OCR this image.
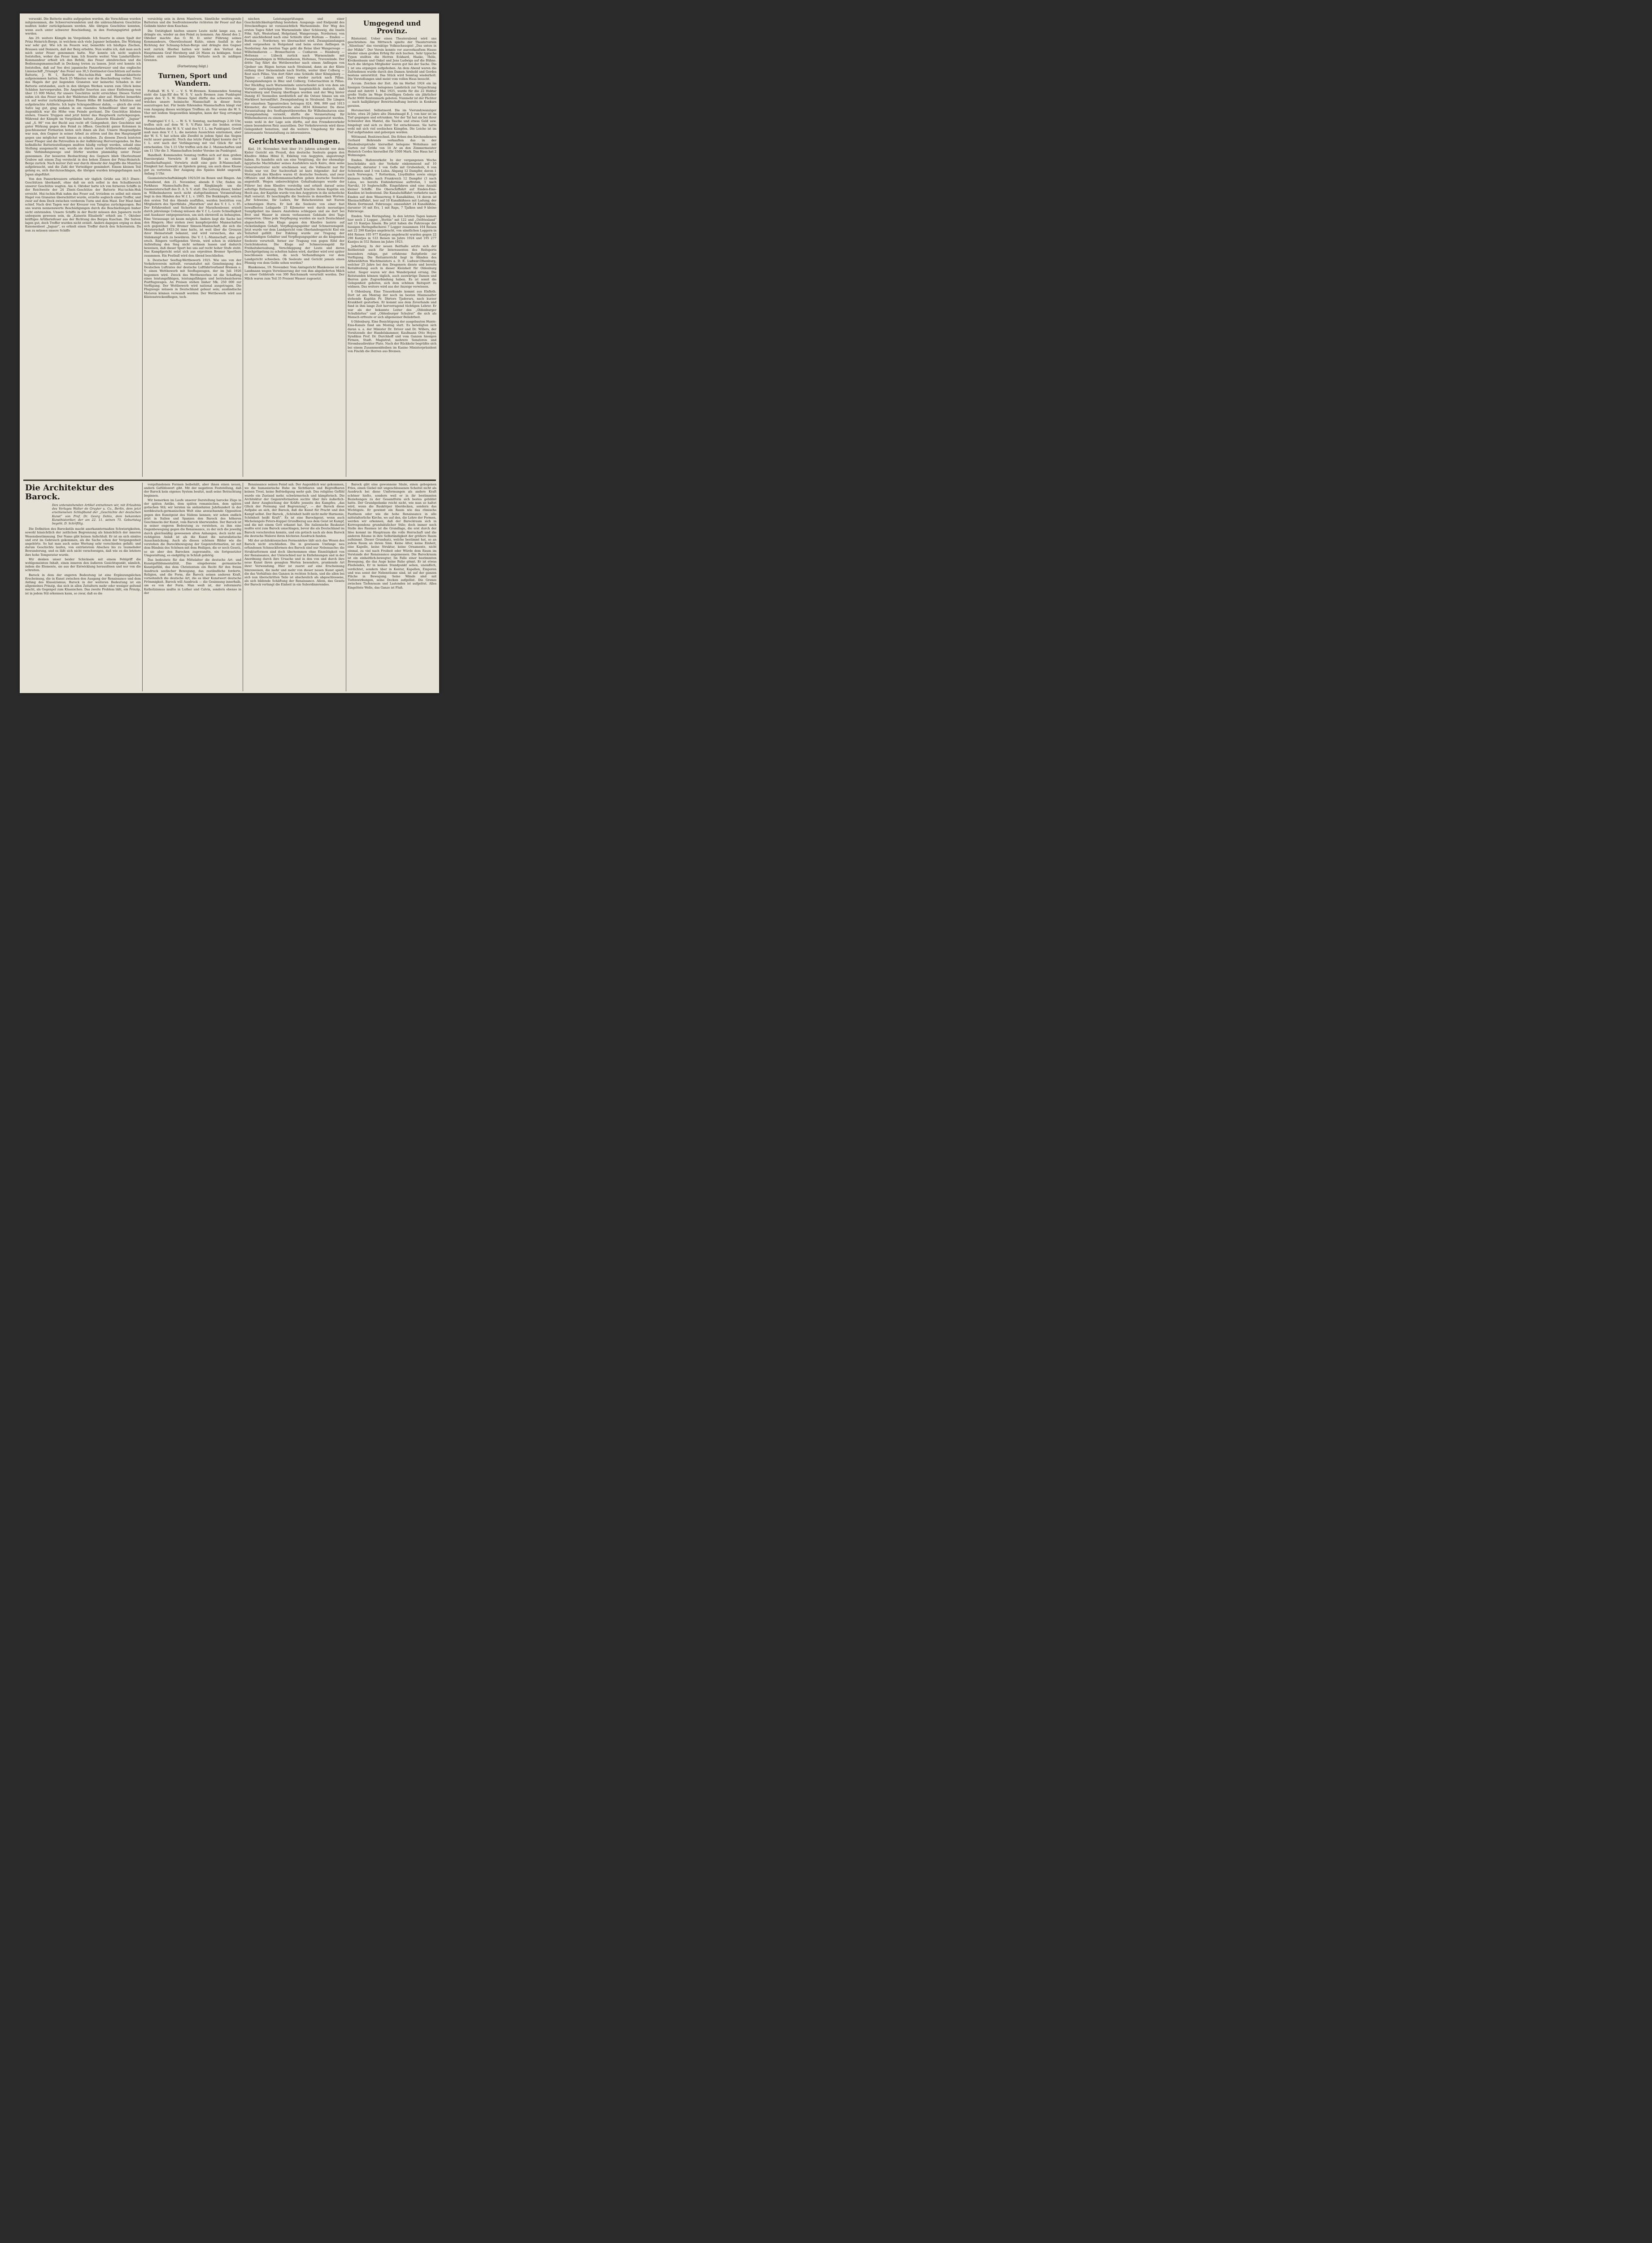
versenkt. Die Batterie mußte aufgegeben werden, die Verschlüsse wurden mitgenommen, die Schwerverwundeten und die unbrauchbaren Geschütze mußten leider zurückgelassen werden. Alle übrigen Geschütze konnten, wenn auch unter schwerer Beschießung, in den Festungsgürtel geholt werden.

Am 29. weitere Kämpfe im Vorgelände. Ich feuerte in einen Spalt der Prinz Heinrich-Berge, in welchem sich viele Japaner befanden. Die Wirkung war sehr gut. Wie ich im Feuern war, bemerkte ich häufiges Zischen, Brausen und Donnern, daß der Berg erbebte. Nun wußte ich, daß man auch mich unter Feuer genommen hatte. Nur konnte ich nicht sogleich feststellen, woher das Feuer kam. Ich feuerte weiter. Vom Landartillerie-Kommandeur erhielt ich den Befehl, das Feuer abzubrechen und die Bedienungsmannschaft in Deckung treten zu lassen. Jetzt erst konnte ich feststellen, daß auf See drei japanische Panzerkreuzer und das englische Linienschiff „Triumph“ das Feuer aus 30,5 Zentimeter-Geschützen auf meine Batterie, J. W. 1, Batterie Hui-tschin-Huk und Bismarckbatterie aufgenommen hatten. Nach 25 Minuten war die Beschießung vorbei. Trotz des Hagels der gut liegenden Granaten war keinerlei Schaden in der Batterie entstanden, auch in den übrigen Werken waren zum Glück keine Schäden hervorgerufen. Die Angreifer feuerten aus einer Entfernung von über 15 000 Meter, für unsere Geschütze nicht erreichbar. Diesen Vorteil nahm ich das Feuer nach der Waldersee-Höhe aber auf. Hierbei bemerkte ich auf weiter zurückliegenden Pässen Höhe 88 feindliche Schützen und aufgebrachte Artillerie. Ich legte Schrapnellfeuer dahin, — gleich die erste Salve lag gut, ging sodann in ein rasendes Schnellfeuer über und im Augenblick war die Höhe vom Feinde geräumt. Die Geschütze blieben stehen. Unsere Truppen sind jetzt hinter das Hauptwerk zurückgezogen. Während der Kämpfe im Vorgelände hatten „Kaiserin Elisabeth“, „Jaguar“ und „S. 90“ von der Bucht aus recht oft Gelegenheit, ihre Geschütze mit guter Wirkung gegen den Feind zu öffnen. Geschickt ganze Kolonnen in geschlossener Formation boten sich ihnen als Ziel. Unsere Hauptaufgabe war nun, den Gegner in seiner Arbeit zu stören und ihn den Hauptangriff gegen uns möglichst weit hinaus zu schieben. Zu diesem Zweck leisteten unser Flieger und die Patrouillen in der Aufklärung Hervorragendes. Im Bau befindliche Batteriestellungen mußten häufig verlegt werden, sobald eine Stellung ausgemacht war, wurde sie durch unser Artilleriefeuer erledigt. Alle Verbindungswege und Dörfer wurden planmäßig unter Feuer genommen. Zur besseren Beobachtung des Gegners blieb Oberleutnant Grabow mit einem Zug versteckt in den hohen Zinnen der Prinz-Heinrich-Berge zurück. Nach kurzer Zeit war durch Abwehr der Angriffe die Munition aufgebraucht, und die Zahl der Verteidiger gemindert. Einem kleinen Teil gelang es, sich durchzuschlagen, die übrigen wurden kriegsgefangen nach Japan abgeführt.

Von den Panzerkreuzern erhielten wir täglich Grüße aus 30,5 Ztmtr.-Geschützen überkandt, ohne daß sie sich selbst in den Schußbereich unserer Geschütze wagten. Am 4. Oktober hatte ich von ferneren Schiffe in der Reichweite der 24 Ztmtr.-Geschütze der Batterie Hui-tschin-Huk erreicht. Hui-tschin-Huk nahm das Feuer auf, trotzdem es selbst mit einem Hagel von Granaten überschüttet wurde, erzielte sogleich einen Treffer, und zwar auf dem Deck zwischen vorderem Turm und dem Mast. Der Mast fand schief. Nach drei Tagen war der Kreuzer von Tsingtau zurückgezogen. Bei uns waren nennenswerte Beschädigungen durch die Beschießungen bisher nicht entstanden. Unsere Schiffe in der Bucht müssen den Japanern recht unbequem gewesen sein, da „Kaiserin Elisabeth“ erhielt am 7. Oktober kräftiges Artilleriefeuer aus der Richtung des Berges Kuschan. Die Salven lagen gut, doch Treffer wurden nicht erzielt. Anders dagegen erging es dem Kanonenboot „Jaguar“, es erhielt einen Treffer durch den Schornstein. Da nun zu müssen unsere Schiffe

vorsichtig sein in ihren Manövern. Sämtliche weittragende Batterien und die Seefrontenwerke richteten ihr Feuer auf das Gelände hinter dem Kuschan.

Die Untätigkeit hielten unsere Leute nicht lange aus, es drängte sie, wieder an den Feind zu kommen. Am Abend des 2. Oktober machte das O. M. D. unter Führung seines Kommandeurs, Oberstleutnant Kuhlo, einen Ausfall in der Richtung der Schuang-Schan-Berge und drängte den Gegner weit zurück. Hierbei hatten wir leider den Verlust des Hauptmanns Graf Herzberg und 24 Mann zu beklagen. Sonst hielten sich unsere bisherigen Verluste noch in mäßigen Grenzen.

(Fortsetzung folgt.)
Turnen, Sport und Wandern.

Fußball. W. S. V. — V. S. W.-Bremen. Kommenden Sonntag steht die Liga-Elf des W. S. V. nach Bremen zum Punktspiel gegen den V. S. W. Dieses Spiel dürfte das schwerste sein, welches unsere heimische Mannschaft in dieser Serie auszutragen hat. Für beide führenden Mannschaften hängt viel vom Ausgang dieses wichtigen Treffens ab. Nur wenn die W. S. Vler mit leidem Siegeswillen kämpfen, kann der Sieg errungen werden.

Punktspiel V. f. L. — W. S. V. Sonntag, nachmittags 2.30 Uhr, treffen sich auf dem W. S. V.-Platz hier die beiden ersten Mannschaften des W. S. V. und des V. f. L. im Punktspiel. Gewiß muß man dem V. f. L. die meisten Aussichten einräumen, aber der W. S. V. hat schon alle Zweifel in jedem Spiel das Siegen recht sauer gemacht. Noch das letzte Pokal-Spiel konnte der V. f. L. erst nach der Verlängerung mit viel Glück für sich entscheiden. Um 1.15 Uhr treffen sich die 2. Mannschaften und um 11 Uhr die 3. Mannschaften beider Vereine im Punktspiel.

Handball. Kommenden Sonntag treffen sich auf dem großen Exerzierplatz Vorwärts B und Einigkeit B zu einem Gesellschaftsspiel. Vorwärts stellt eine gute B-Mannschaft. Einigkeit hat Auswahl an Spielern genug, um auch diese Klasse gut zu vertreten. Der Ausgang des Spieles bleibt ungewiß. Anfang 3 Uhr.

Gaumeisterschaftskämpfe 1925/26 im Boxen und Ringen. Am Sonnabend, den 21. November, abends 8 Uhr, finden im Parkhaus Mannschafts-Box- und Ringkämpfe um die Gaumeisterschaft des D. A. S. V. statt. Die Leitung dieser, bisher in Wilhelmshaven noch nicht stattgefundenen Veranstaltung liegt in den Händen des W. f. L. v. 1905. Die Boxkämpfe, welche den ersten Teil des Abends ausfüllen, werden bestritten von Mitgliedern des Sportklubs „Marathon“ und des V. f. L. v. 05. Der Erfahrenheit und Sicherheit der Marathonboxer, erzielt durch jahrelange Uebung müssen die V. f. L.-Leute Schnelligkeit und Ausdauer entgegensetzen, um sich ehrenvoll zu behaupten. Eine Voraussage ist kaum möglich. Anders liegt die Sache bei den Ringern. Hier stehen zwei kampferprobte Mannschaften sich gegenüber. Die Bremer Simson-Mannschaft, die sich die Meisterschaft 1923-24 inne hatte, ist weit über die Grenzen ihrer Heimatstadt bekannt, und wird versuchen, das als Südekampf sich zu bewähren. Die V. f. L.-Mannschaft, eine gut ersch. Ringern verfügenden Verein, wird schon in stärkster Aufstellung den Sieg nicht nehmen lassen und dadurch beweisen, daß dieser Sport bei uns auf recht hoher Stufe steht. Das Kampfgericht setzt sich aus erprobten Bremer Sportlern zusammen. Ein Festball wird den Abend beschließen.

b. Deutscher Seeflug-Wettbewerb 1925. Wie uns von der Verkehrsverein mitteilt, veranstaltet mit Genehmigung des Deutschen Luftrates der deutsche Luftfahrtverband Bremen e. V. einen Wettbewerb mit Seeflugzeugen, der im Juli 1926 begonnen wird. Zweck des Wettbewerbes ist die Schaffung eines leistungsfähigen, leistungsfähigen und betriebssicheren Postflugzeuges. An Preisen stehen bisher Mk. 250 000 zur Verfügung. Der Wettbewerb wird national ausgetragen. Die Flugzeuge müssen in Deutschland gebaut sein; ausländische Motoren können verwandt werden. Der Wettbewerb wird aus Küstenstreckenfliegen, tech-

nischen Leistungsprüfungen und einer Geschicklichkeitsprüfung bestehen. Ausgangs- und Endpunkt des Streckenfluges ist voraussichtlich Warnemünde. Der Weg des ersten Tages führt von Warnemünde über Schleswig, die Inseln Föhr, Sylt, Westerland, Helgoland, Wangerooge, Norderney, von dort anschließend nach eine Schleife über Borkum — Emden — Borkum — Norderney, wo übernachtet wird. Zwangslandungen sind vorgesehen in Helgoland und beim ersten Anfliegen in Norderney. Am zweiten Tage geht die Reise über Wangerooge — Wilhelmshaven — Bremerhaven — Cuxhaven — Hamburg — Holtenau — Lübeck zurück nach Warnemünde mit Zwangslandungen in Wilhelmshaven, Holtenau, Travemünde. Der dritte Tag führt die Wettbewerber nach einem Anfliegen von Gjedser um Rügen herum nach Stralsund, dann an der Küste entlang über Swinemünde nach Stettin, weiter über Colberg — Rest nach Pillau. Von dort führt eine Schleife über Königsberg — Tapiau — Labiau und Cranz wieder zurück nach Pillau. Zwangslandungen in Binz und Colberg; Uebernachten in Pillau. Der Rückflug nach Warnemünde unterscheidet sich von dem am Vortage zurückgelegten Strecke hauptsächlich dadurch, daß Marienburg und Danzig überflogen werden und der Weg hinter Danzig 45 Seemeilen nordöstlich auf die Ostsee hinaus um ein Markboot herumführt. Zwangslandung in Stralsund. Die Längen der einzelnen Tagesstrecken betragen 824, 998, 999 und 1013 Kilometer, die Gesamtstrecke also 3834 Kilometer. Da diese Veranstaltung des Seeflugwettbewerbes für Wilhelmshaven eine Zwangslandung vorsieht, dürfte die Veranstaltung für Wilhelmshaven zu einem besonderen Ereignis ausgenutzt werden, wenn wohl in der Lage sein dürfte, auf den Fremdenverkehr einen besonderen Reiz auszuüben. Der Verkehrsverein wird diese Gelegenheit benutzen, und die weitere Umgebung für diese interessante Veranstaltung zu interessieren.

Gerichtsverhandlungen.

Kiel, 19. November. Seit über 1½ Jahren schwebt vor dem Kieler Gericht ein Prozeß, den deutsche Seeleute gegen den Khedive Abbas Hilmi II, Exkönig von Aegypten, angestrengt haben. Es handelte sich um eine Vergütung, die der ehemalige ägyptische Machthaber seines Ausfahrers nach Kairo, dem seine Generalvertreter nicht erschienen war, die Vollmacht nur für Stelle war vor. Der Sachverhalt ist kurz folgender: Auf der Motorjacht des Khedive waren 41 deutsche Seeleute, und zwar Offiziere und Ab-Weltenmannschaften geben deutsche Seeleute angestellt. Wegen unberechtigten Gehaltsabzuges wurde der Führer bei dem Khedive vorstellig und erhielt darauf seine sofortige Entlassung. Die Mannschaft brachte ihrem Kapitän ein Hoch aus, der Kapitän wurde von den Aegyptern in die sicherliche Haft versetzt. Er beschimpfte die Seeleute in denselben Worten: „Ihr Schweine, Ihr Luders, Ihr Bolschewisten mit Eurem schmutzigen Hurra. Er ließ die Seeleute von einer fast bewaffneten Leibgarde 25 Kilometer weit durch morastiges Sumpfgebiet ins innere Anatoliens schleppen und sie dort bei Brot und Wasser in einem verlassenen Gebäude drei Tage einsperren. Ohne jede Verpflegung wurden sie nach Deutschland abgeschoben. Die Klage gegen den Khedive lautete auf rückständigen Gehalt, Verpflegungsgelder und Schmerzensgeld. Jetzt wurde vor dem Landgericht vom Oberlandesgericht Kiel ein Teilurteil gefällt. Der Exkönig wurde zur Tragung der rückständigen Gehälter und Verpflegungsgelder an die klagenden Seeleute verurteilt, ferner zur Tragung von gegen Eifel der Gerichtskosten. Die Klage auf Schmerzensgeld für Freiheitsberaubung, Verschleppung der Leute und deren Durchprügelung zu schelten haben wird, darüber wird erst später beschlossen werden, da noch Verhandlungen vor dem Landgericht schweben. Ob Seeleute und Gericht jemals einen Pfennig von dem Gelde sehen werden?

Blankenese, 19. November. Vom Amtsgericht Blankenese ist ein Landmann wegen Verwässerung der von ihm abgelieferten Milch zu einer Geldstrafe von 300 Reichsmark verurteilt worden. Der Milch waren zum Teil 35 Prozent Wasser zugesetzt.

Umgegend und Provinz.

Rüstersiel. Ueber einen Theaterabend wird uns geschrieben: Am Mittwoch spielte der Theaterverein „Silentium“ das vieraktige Volksschauspiel „Das unten in der Mühle“. Der Verein konnte vor ausverkauftem Hause wieder einen großen Erfolg für sich buchen. Sehr typische Typen stellten die Herren Eckhard, Haake, Thöle, Kreikenbaum und Onkel und Jens Ludwigs auf die Bühne. Auch die übrigen Mitglieder waren gut bei der Sache. Die J. ist uns ergangen aufgehoben. An dem Abend waren die Zufriedenen wurde durch den Damen Arnhold und Gerdes bestens unterstützt. Das Stück wird Sonntag wiederholt. Die Vorstellungen sind meist vom vollen Haus besucht.

Accum. Zeichen der Zeit. Als im Herbst 1924 ein im hiesigen Gemeinde belegenes Landstück zur Verpachtung stand mit Antritt 1. Mai 1925, wurde für die 22 Hektar große Stelle im Wege freiwilligen Gebots ein jährlicher Pacht 9000 Rentenmark geboten. Nunmehr ist der Pächter — nach halbjähriger Bewirtschaftung bereits in Konkurs geraten.

Horumersiel. Selbstmord. Die im Vierundzwanziger lichte, etwa 20 Jahre alte Dienstmagd E. J. von hier ist im Tief gegangen und ertrunken. Vor der Tat hat sie bei ihrer Schwester den Mantel, die Tasche und etwas Geld usw. hingelegt und sich zu ihrer Tat entschlossen. Sie hatte wohl mit sich viel seelischen Kämpfen. Die Leiche ist im Tief aufgefunden und geborgen worden.

Wittmund. Besitzwechsel. Die Erben des Kirchendieners Gerhard Behrends verkauften das in der Hindenburgstraße hierselbst belegene Wohnhaus mit Garten zur Größe von 14 Ar an den Zimmermeister Heinrich Cordes hierselbst für 5500 Mark. Das Haus hat 2 Wohnungen.

Emden. Hafenverkehr. In der vergangenen Woche beschränkte sich der Verkehr einkommend auf 10 Dampfer, darunter 1 von Gefle mit Grubenholz, 6 von Schweden und 3 von Lulea. Abgang 12 Dampfer, davon 1 nach Norwegen, 7 Rotterdam, Lloydhäfen sowie einige kleinere Schiffe; nach Frankreich 12 Dampfer (3 nach Lulea, wo bereits Eishindernisse auftreten, 1 nach Narvik), 10 Seglerschiffe. Eingefahren sind eine Anzahl kleiner Schiffe. Die Oberschiffahrt auf Emden-Ems-Kanälen ist bedeutend. Die Kanalschiffahrt verkehrte nach Emden auf dem Wasserweg 8 Kanalkähne, 14 davon ist Rheinschiffahrt, leer auf 10 Kanalkähnen mit Ladung; der Rhein Dortmund. Fahrzeuge; emausfahrt 24 Kanalkähne, darunter 16 mit Erz, 1 mit Raps, 7 Tjalken und 9 kleine Fahrzeuge.

Emden. Vom Heringsfang. In den letzten Tagen kamen hier noch 2 Logger, „Stettin“ mit 122 und „Ostfriesland“ mit 15 Kantjes hinein. Bis jetzt haben die Fahrzeuge der hiesigen Heringsfischerei 7 Logger zusammen 104 Reisen mit 22 290 Kantjes angebracht, von sämtlichen Loggern in 464 Reisen 105 977 Kantjes angebracht wurden gegen 22 290 Kantjes in 533 Reisen im Jahre 1924 und 195 277 Kantjes in 552 Reisen im Jahre 1923.

Jaderberg. In der neuen Reithalle setzte sich der Reitbetrieb auch für Interessenten des Reitsports besonders ruhige, gut erfahrene Reitpferde zur Verfügung. Die Reitunterricht liegt in Händen des Altbewährten Wachtmeisters a. D. E. Ludwar-Ofsenburg, welcher 25 Jahre bei den Dragonern diente und bereits Reitabteilung auch in dieser Kleinheit für Oldenburg leitet. Sieger waren wir den Wanderpokal errang. Die Reitstunden können täglich, auch auswärtige Damen und Herren gute Zugverbindung haben. Es ist somit die Gelegenheit geboten, sich dem schönen Reitsport zu widmen. Das weitere wird aus der Anzeige verwiesen.

§ Oldenburg. Eine Trauerkunde kommt aus Elsfleth. Dort ist am Montag der noch im besten Mannesalter stehende Kapitän Fr. Dhrtors Tjaderars, nach kurzer Krankheit gestorben. Er kommt aus dem Zeverlande und fand in ihm lange Zeit hervorragend tüchtigen Lehrer. Er war als der bekannte Leiter des „Oldenburger Schulblattes“ und „Oldenburger Schulrat“ die sich als Mensch erfreute er sich allgemeiner Beliebtheit.

§ Oldenburg. Eine Besichtigung der ausgebauten Hunte-Ems-Kanals fand am Montag statt. Es beteiligten sich daran u. a. der Minister Dr. Driver und Dr. Willers, der Vorsitzende der Handelskammer, Kaufmann Otto Hoyer, Syndikus Prof. Dr. Durchhoff und vom Ganzen hiesigen Firmen, Stadt. Magistrat, mehrere Senatoren und Strombaudirektor Plate. Nach der Rückkehr begrüßte sich bei einem Zusammenbleiben im Kasino Ministerpräsident von Finckh die Herren aus Bremen.

Die Architektur des Barock.

Den untenstehenden Artikel entnehmen wir, mit Erlaubnis des Verlages Walter de Gruyter u. Co., Berlin, dem jetzt erschienenen Schlußband der „Geschichte der deutschen Kunst“ von Prof. Dr. Georg Dehio, dem bekannten Kunsthistoriker, der am 22. 11. seinen 75. Geburtstag begeht. D. Schriftltg.

Die Definition des Barockstils macht anerkanntermaßen Schwierigkeiten, sowohl hinsichtlich der zeitlichen Begrenzung als hinsichtlich der inneren Wesensbestimmung. Der Name gibt keinen Aufschluß. Er ist an sich sinnlos und erst im Gebrauch gekommen, als die Sache schon der Vergangenheit angehörte. So hat man auch seine Wertung sehr verschieden gefaßt; und darum Geschichte laufen, von entrüstetem Abscheu bis zu taumelnder Bewunderung, und es läßt sich nicht verschweigen, daß wie es die letztere ihre hohe Temperatur wurde.

Wir denken unser beider Schicksale mit einem Fehlgriff die wohlgemeinten Inhalt, einen inneren den äußeren Gesichtspunkt, nämlich, indem die Elemente, sie aus der Entwicklung herauslösen und nur von die schreiten.

Barock in dem der engeren Bedeutung ist eine Ergänzungslichen Erscheinung, die in Kunst zwischen den Ausgang der Renaissance und dem Anfang des Klassizismus; Barock in der weiteren Bedeutung ist ein allgemeines Prinzip, das sich in allen Zeitaltern mehr oder weniger geltend macht, als Gegenpol zum Klassischen. Das zweite Problem läßt, ein Prinzip, ist in jedem Stil erkennen kann, so zwar, daß es die

vorgefundenen Formen beibehält, aber ihnen einen neuen, andern Gefühlswert gibt. Mit der negativen Feststellung, daß der Barock kein eigenes System besitzt, muß seine Betrachtung beginnen.

Wir bemerken im Laufe unserer Darstellung barocke Züge in der späten Antike, dem späten romanischen, dem späten gotischen Stil; wir lernten im siebzehnten Jahrhundert in der norddeutsch-germanischen Welt eine anwachsende Opposition gegen den Kunstgeist des Südens kennen; wir sehen endlich jetzt in Italien und Spanien den Barock des höheren Geschmacks der Kunst, vom Barock überwunden. Der Barock ist in seiner engeren Bedeutung zu verstehen, zu ihm eine Gegenbewegung gegen die Renaissance, zu der sich die jeweilig durch gleichmäßig gewesenen alten Anhangen; doch nicht am richtigsten Anlaß ist als die Kunst die naturalistische Ausschmückung. Auch als diesen schönen Bilder wie die verstehen die Barockbewegung der Gegenreformation, ist mit dem Bündnis des Schönen mit dem Heiligen, die er noch Gesetz, so sie aber den Barocken zugewandte, ein fortgesetzter Umgestaltung, es endgültig in Schluß gehörig.

Das bedeutete für das Mittelalter die deutsche Art- und Kunstgefühlsmentalität, Das eingeborene germanische Kunstgefühl, das dem Christentum ein Recht für den freien Ausdruck seelischer Bewegung, das zuständliche forderte, Religion, und die Form, die Barock seinen anderen Kraft, vornehmlich die deutsche Art, die es über Kunstwert deutsche Frömmigkeit. Barock will Ausdruck — die Gesinnung innerhalb, um es von der Form. Man weiß ist, der reformierte Katholizismus mußte in Luther und Calvin, sondern ebenso in der

Renaissance seinen Feind sah. Der Augenblick war gekommen, wo die humanistische Ruhe im Sichtbaren und Begreifbaren keinen Trost, keine Befriedigung mehr gab. Das religiöse Gefühl wurde ein Zustand mehr, schwärmerisch und kämpferisch. Die Architektur der Gegenreformation suchte über ihre äußerlich- und ihrer Ausgleichung der Kräfte jenseits des Kampfes; „das Glück der Formung und Begrenzung“, — der Barock diese Aufgabe an sich, der Barock, daß die Kunst für Pracht und den Kampf selbst. Der Barock, „Schönheit heißt nicht mehr Harmonie, Schönheit heißt Kraft“. Es ist eine Barockgeist, wenn auch Michelangelo Peters-Kuppel Grundbezug aus dem Geist ist Kampf, und die mit einem Gott erkannt hat. Die italienische Baukunst mußte erst zum Barock umschlagen, bevor die als Deutschland im Barock vorschreiten konnte, und ein gotisch nach als dem Barock die deutsche Malerei ihren höchsten Ausdruck fanden.

Mit der architektonischen Formenlehre läßt sich das Wesen des Barock nicht erschließen. Die in gewissem Umfange neu erfundenen Schmuckformen des Barock sind nur Nebensache; die Strukturformen sind doch übernommen ohne Einmütigkeit von der Renaissance, der Unterschied nur in Entlehnungen und in der Anordnung durch ihre Ursache und in den von und durch ihre neue Kunst ihren gesagten Werten besondere, prunkende Art ihrer Verwendung. Hier ist zuerst auf eine Erscheinung hinzuweisen, die mehr und mehr von dieser neuen Kunst spielt, die das Verhältnis des Ganzen in rechten Schein, und die allen bei sich nun überschritten Teile ist abscheulich als abgeschlossene, als sich bildende Schäftung der Renaissance. Allein, das Gesetz der Barock verlangt die Einheit in ein Subordinierendes.

Barock gibt eine gewonnene Säule, einen gebogenen Fries, einen Giebel mit ungeschlossenen Scheitel nicht als Ausdruck bei diese Umformungen als andere Kraft schöner hielte, sondern weil er in ihr bestimmten Beziehungen zu der Gesamtform sich bestes gebildet hatte. Der Grundgedanke reicht nicht, wie man so haltet wird, wenn die Baukörper überdecken, sondern das Wichtigste. Er gewinnt ein Raum wie das römische Pantheon oder wie die hohe Renaissance in alle mittelalterliche Kirche, wo auf den, die Lehre der Formen, werden wir erkennen, daß der Barockraum sich in Korrespondenz grundsätzlicher Stile; doch immer noch Stelle des Raumes ist die Grundlage, die erst durch der Idee kommt im Hauptraum die volle Herrschaft und die anderen Räume in ihre Selbständigkeit der größere Raum aufnimmt. Dieser Grundsatz, welche bestimmt hat, so an jedem Raum an ihrem Sinn. Keine Alter, keine Einheit, eine Kapelle, keine Struktur, keine Ornamente, nicht einmal, zu viel nach Freiheit oder Würde dem Raum im Verstande der Renaissance angemessen. Die Barockraum ist ein einheitlich-bewegter, Im Falle einer bestimmten Bewegung, die das Auge keine Ruhe gönnt. Er ist etwas Fließendes, Er in keinen Standpunkt sehen, unendlich, verdichtet, sondern über in Kontur, Kapellen, Emporen und was sonst der Nebenräume sind, ist auf der ganzen Fläche in Bewegung. Seine Wände sind mit Tiefenwirkungen, seine Decken aufgelöst. Die Grenze zwischen Tiefenraum und Lastenden ist aufgelöst. Alles Eingelöste Welle, das Ganze ist Fluß.
